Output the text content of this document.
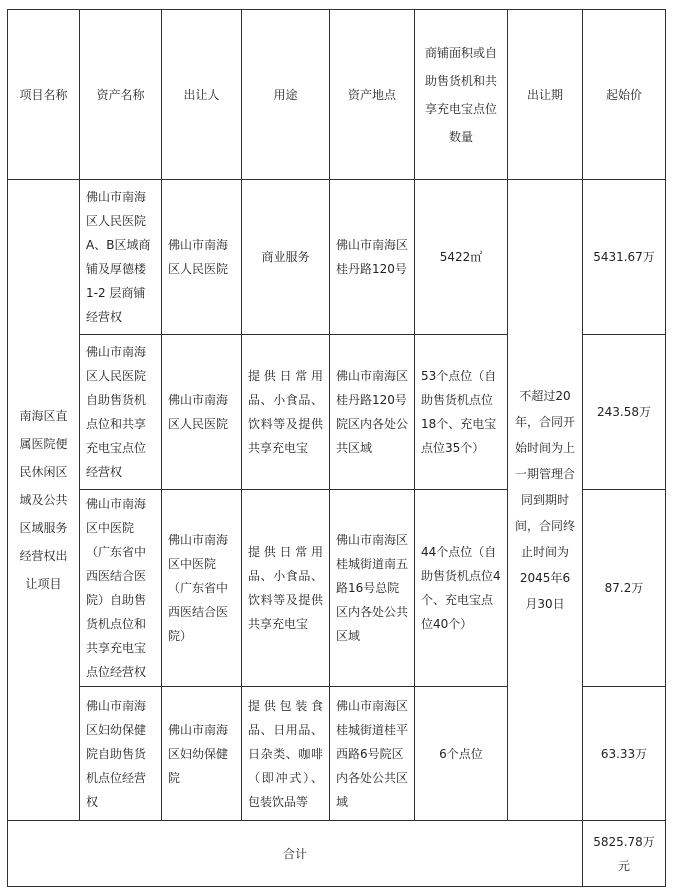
项目名称	资产名称	出让人	用途	资产地点	商铺面积或自助售货机和共享充电宝点位数量	出让期	起始价
南海区直属医院便民休闲区域及公共区域服务经营权出让项目	佛山市南海区人民医院A、B区域商铺及厚德楼1-2 层商铺经营权	佛山市南海区人民医院	商业服务	佛山市南海区桂丹路120号	5422㎡	不超过20年，合同开始时间为上一期管理合同到期时间，合同终止时间为2045年6月30日	5431.67万
	佛山市南海区人民医院自助售货机点位和共享充电宝点位经营权	佛山市南海区人民医院	提供日常用品、小食品、饮料等及提供共享充电宝	佛山市南海区桂丹路120号院区内各处公共区域	53个点位（自助售货机点位18个、充电宝点位35个）		243.58万
	佛山市南海区中医院（广东省中西医结合医院）自助售货机点位和共享充电宝点位经营权	佛山市南海区中医院（广东省中西医结合医院）	提供日常用品、小食品、饮料等及提供共享充电宝	佛山市南海区桂城街道南五路16号总院区内各处公共区域	44个点位（自助售货机点位4个、充电宝点位40个）		87.2万
	佛山市南海区妇幼保健院自助售货机点位经营权	佛山市南海区妇幼保健院	提供包装食品、日用品、日杂类、咖啡（即冲式）、包装饮品等	佛山市南海区桂城街道桂平西路6号院区内各处公共区域	6个点位		63.33万
合计							5825.78万元
